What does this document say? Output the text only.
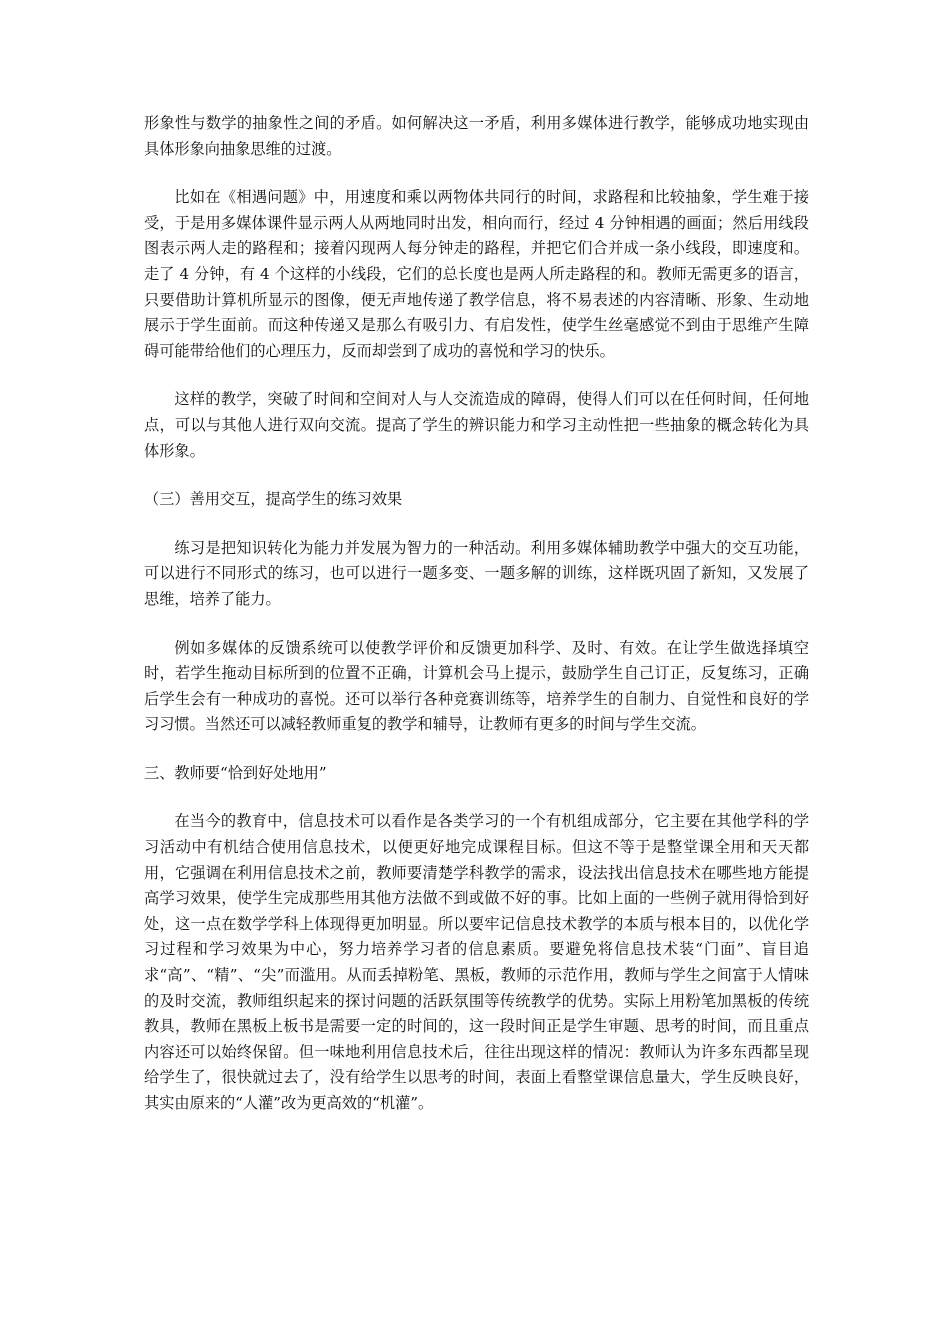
形象性与数学的抽象性之间的矛盾。如何解决这一矛盾，利用多媒体进行教学，能够成功地实现由具体形象向抽象思维的过渡。

比如在《相遇问题》中，用速度和乘以两物体共同行的时间，求路程和比较抽象，学生难于接受，于是用多媒体课件显示两人从两地同时出发，相向而行，经过 4 分钟相遇的画面；然后用线段图表示两人走的路程和；接着闪现两人每分钟走的路程，并把它们合并成一条小线段，即速度和。走了 4 分钟，有 4 个这样的小线段，它们的总长度也是两人所走路程的和。教师无需更多的语言，只要借助计算机所显示的图像，便无声地传递了教学信息，将不易表述的内容清晰、形象、生动地展示于学生面前。而这种传递又是那么有吸引力、有启发性，使学生丝毫感觉不到由于思维产生障碍可能带给他们的心理压力，反而却尝到了成功的喜悦和学习的快乐。

这样的教学，突破了时间和空间对人与人交流造成的障碍，使得人们可以在任何时间，任何地点，可以与其他人进行双向交流。提高了学生的辨识能力和学习主动性把一些抽象的概念转化为具体形象。

（三）善用交互，提高学生的练习效果

练习是把知识转化为能力并发展为智力的一种活动。利用多媒体辅助教学中强大的交互功能，可以进行不同形式的练习，也可以进行一题多变、一题多解的训练，这样既巩固了新知，又发展了思维，培养了能力。

例如多媒体的反馈系统可以使教学评价和反馈更加科学、及时、有效。在让学生做选择填空时，若学生拖动目标所到的位置不正确，计算机会马上提示，鼓励学生自己订正，反复练习，正确后学生会有一种成功的喜悦。还可以举行各种竞赛训练等，培养学生的自制力、自觉性和良好的学习习惯。当然还可以减轻教师重复的教学和辅导，让教师有更多的时间与学生交流。

三、教师要“恰到好处地用”

在当今的教育中，信息技术可以看作是各类学习的一个有机组成部分，它主要在其他学科的学习活动中有机结合使用信息技术，以便更好地完成课程目标。但这不等于是整堂课全用和天天都用，它强调在利用信息技术之前，教师要清楚学科教学的需求，设法找出信息技术在哪些地方能提高学习效果，使学生完成那些用其他方法做不到或做不好的事。比如上面的一些例子就用得恰到好处，这一点在数学学科上体现得更加明显。所以要牢记信息技术教学的本质与根本目的，以优化学习过程和学习效果为中心，努力培养学习者的信息素质。要避免将信息技术装“门面”、盲目追求“高”、“精”、“尖”而滥用。从而丢掉粉笔、黑板，教师的示范作用，教师与学生之间富于人情味的及时交流，教师组织起来的探讨问题的活跃氛围等传统教学的优势。实际上用粉笔加黑板的传统教具，教师在黑板上板书是需要一定的时间的，这一段时间正是学生审题、思考的时间，而且重点内容还可以始终保留。但一味地利用信息技术后，往往出现这样的情况：教师认为许多东西都呈现给学生了，很快就过去了，没有给学生以思考的时间，表面上看整堂课信息量大，学生反映良好，其实由原来的“人灌”改为更高效的“机灌”。
